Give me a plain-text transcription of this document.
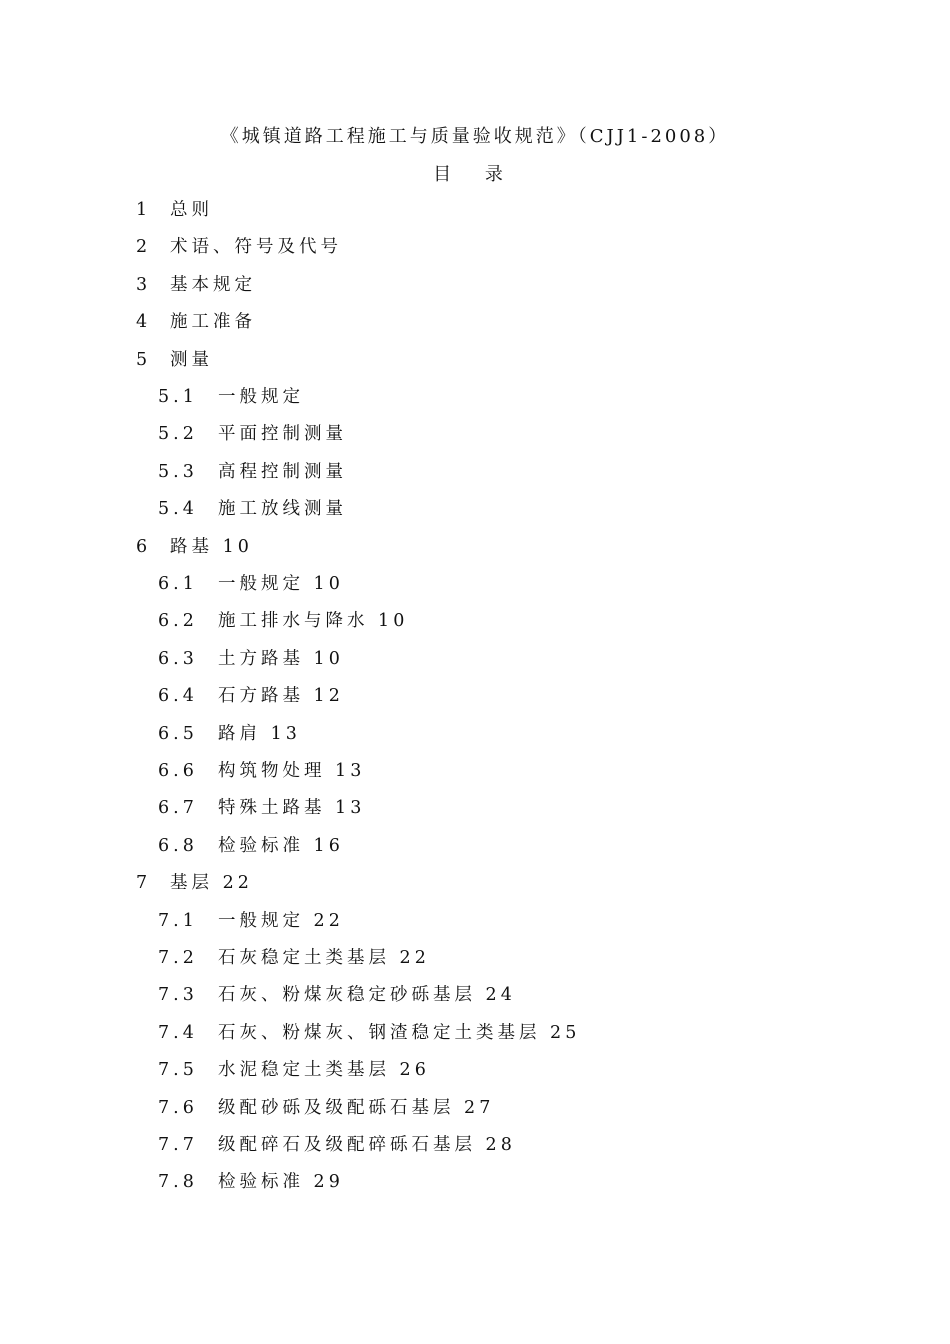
《城镇道路工程施工与质量验收规范》（CJJ1-2008）
目 录
1 总则
2 术语、符号及代号
3 基本规定
4 施工准备
5 测量
5.1 一般规定
5.2 平面控制测量
5.3 高程控制测量
5.4 施工放线测量
6 路基 10
6.1 一般规定 10
6.2 施工排水与降水 10
6.3 土方路基 10
6.4 石方路基 12
6.5 路肩 13
6.6 构筑物处理 13
6.7 特殊土路基 13
6.8 检验标准 16
7 基层 22
7.1 一般规定 22
7.2 石灰稳定土类基层 22
7.3 石灰、粉煤灰稳定砂砾基层 24
7.4 石灰、粉煤灰、钢渣稳定土类基层 25
7.5 水泥稳定土类基层 26
7.6 级配砂砾及级配砾石基层 27
7.7 级配碎石及级配碎砾石基层 28
7.8 检验标准 29
